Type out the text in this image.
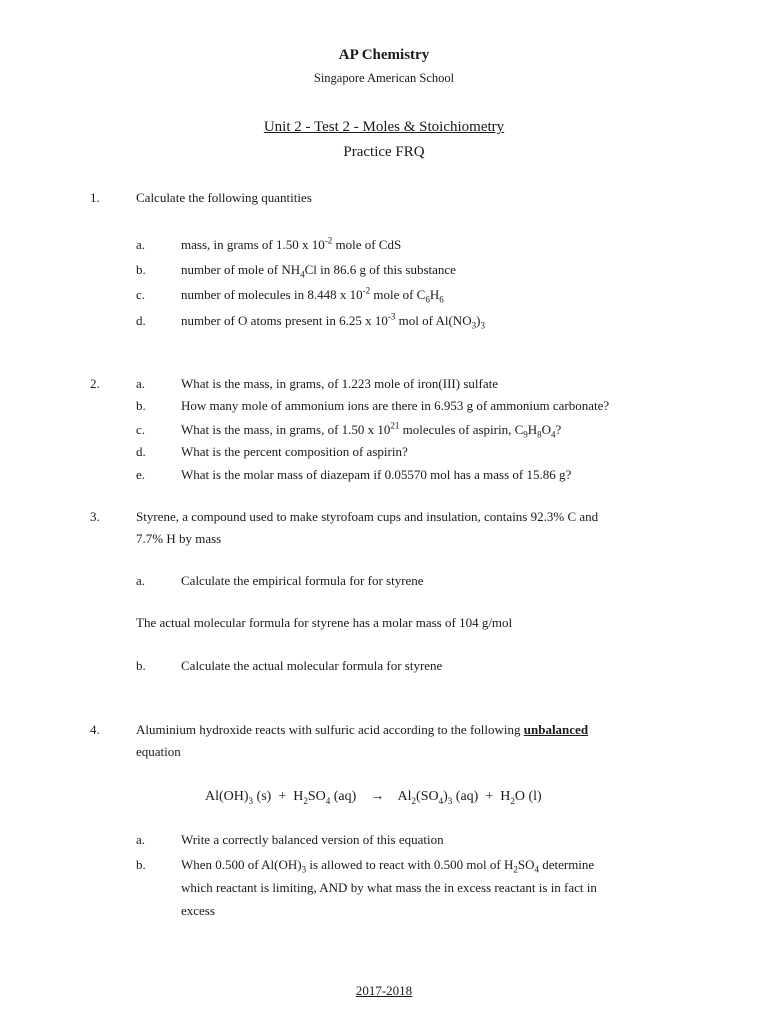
AP Chemistry
Singapore American School
Unit 2 - Test 2 - Moles & Stoichiometry
Practice FRQ
1.	Calculate the following quantities
a.	mass, in grams of 1.50 x $10^{-2}$ mole of CdS
b.	number of mole of $NH_4Cl$ in 86.6 g of this substance
c.	number of molecules in 8.448 x $10^{-2}$ mole of $C_6H_6$
d.	number of O atoms present in 6.25 x $10^{-3}$ mol of $Al(NO_3)_3$
2.	a.	What is the mass, in grams, of 1.223 mole of iron(III) sulfate
b.	How many mole of ammonium ions are there in 6.953 g of ammonium carbonate?
c.	What is the mass, in grams, of 1.50 x $10^{21}$ molecules of aspirin, $C_9H_8O_4$?
d.	What is the percent composition of aspirin?
e.	What is the molar mass of diazepam if 0.05570 mol has a mass of 15.86 g?
3.	Styrene, a compound used to make styrofoam cups and insulation, contains 92.3% C and
7.7% H by mass
a.	Calculate the empirical formula for for styrene
The actual molecular formula for styrene has a molar mass of 104 g/mol
b.	Calculate the actual molecular formula for styrene
4.	Aluminium hydroxide reacts with sulfuric acid according to the following unbalanced
equation
$Al(OH)_3$ $(s) + H_2SO_4$ $(aq) \to Al_2(SO_4)_3$ $(aq) + H_2O$ (l)
a.	Write a correctly balanced version of this equation
b.	When 0.500 of $Al(OH)_3$ is allowed to react with 0.500 mol of $H_2SO_4$ determine
which reactant is limiting, AND by what mass the in excess reactant is in fact in
excess
2017-2018
